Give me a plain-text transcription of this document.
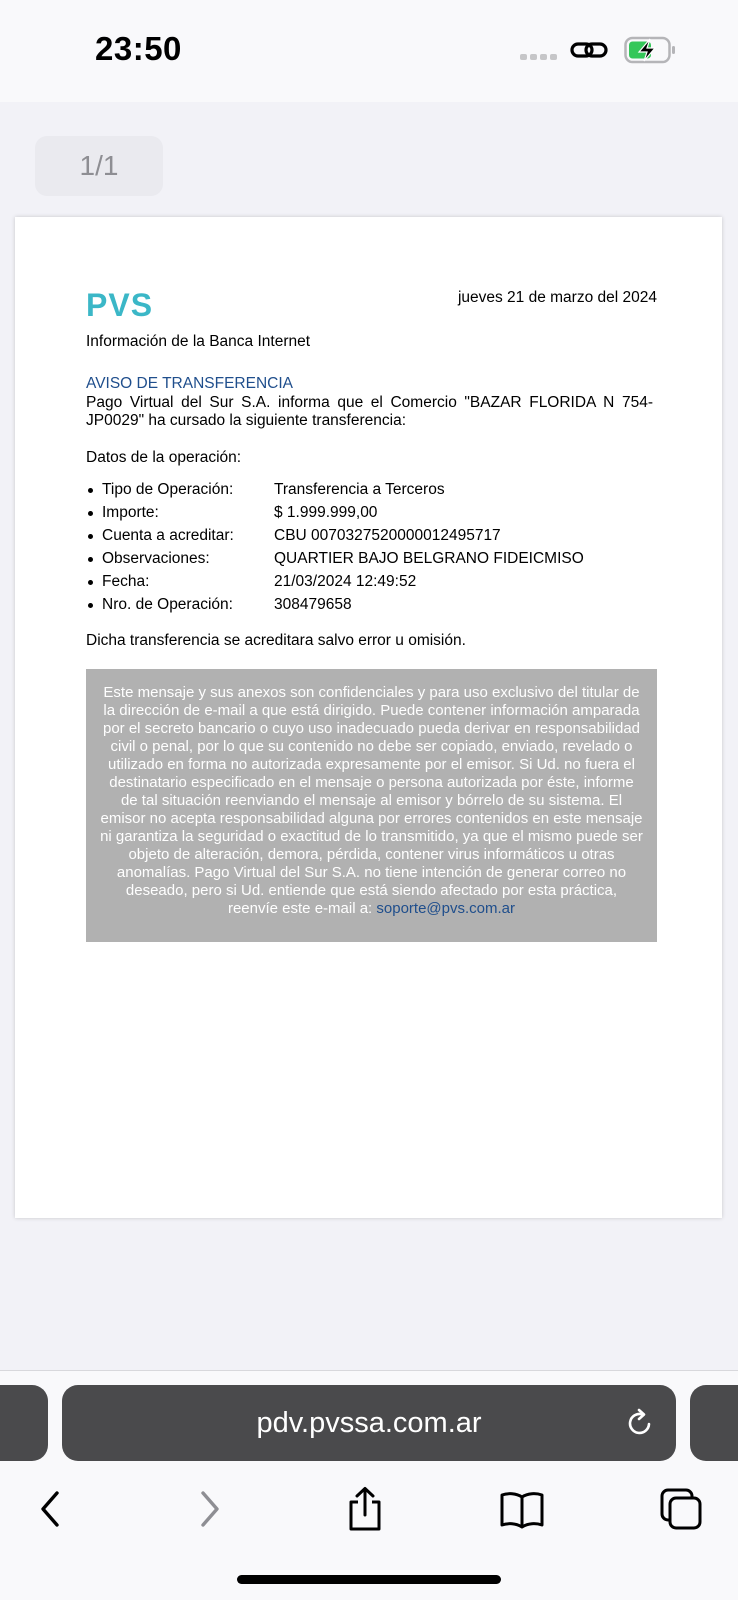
23:50
1/1
PVS	jueves 21 de marzo del 2024
Información de la Banca Internet
AVISO DE TRANSFERENCIA
Pago Virtual del Sur S.A. informa que el Comercio "BAZAR FLORIDA N 754-JP0029" ha cursado la siguiente transferencia:
Datos de la operación:
Tipo de Operación:	Transferencia a Terceros
Importe:	$ 1.999.999,00
Cuenta a acreditar:	CBU 0070327520000012495717
Observaciones:	QUARTIER BAJO BELGRANO FIDEICMISO
Fecha:	21/03/2024 12:49:52
Nro. de Operación:	308479658
Dicha transferencia se acreditara salvo error u omisión.
Este mensaje y sus anexos son confidenciales y para uso exclusivo del titular de la dirección de e-mail a que está dirigido. Puede contener información amparada por el secreto bancario o cuyo uso inadecuado pueda derivar en responsabilidad civil o penal, por lo que su contenido no debe ser copiado, enviado, revelado o utilizado en forma no autorizada expresamente por el emisor. Si Ud. no fuera el destinatario especificado en el mensaje o persona autorizada por éste, informe de tal situación reenviando el mensaje al emisor y bórrelo de su sistema. El emisor no acepta responsabilidad alguna por errores contenidos en este mensaje ni garantiza la seguridad o exactitud de lo transmitido, ya que el mismo puede ser objeto de alteración, demora, pérdida, contener virus informáticos u otras anomalías. Pago Virtual del Sur S.A. no tiene intención de generar correo no deseado, pero si Ud. entiende que está siendo afectado por esta práctica, reenvíe este e-mail a: soporte@pvs.com.ar
pdv.pvssa.com.ar
